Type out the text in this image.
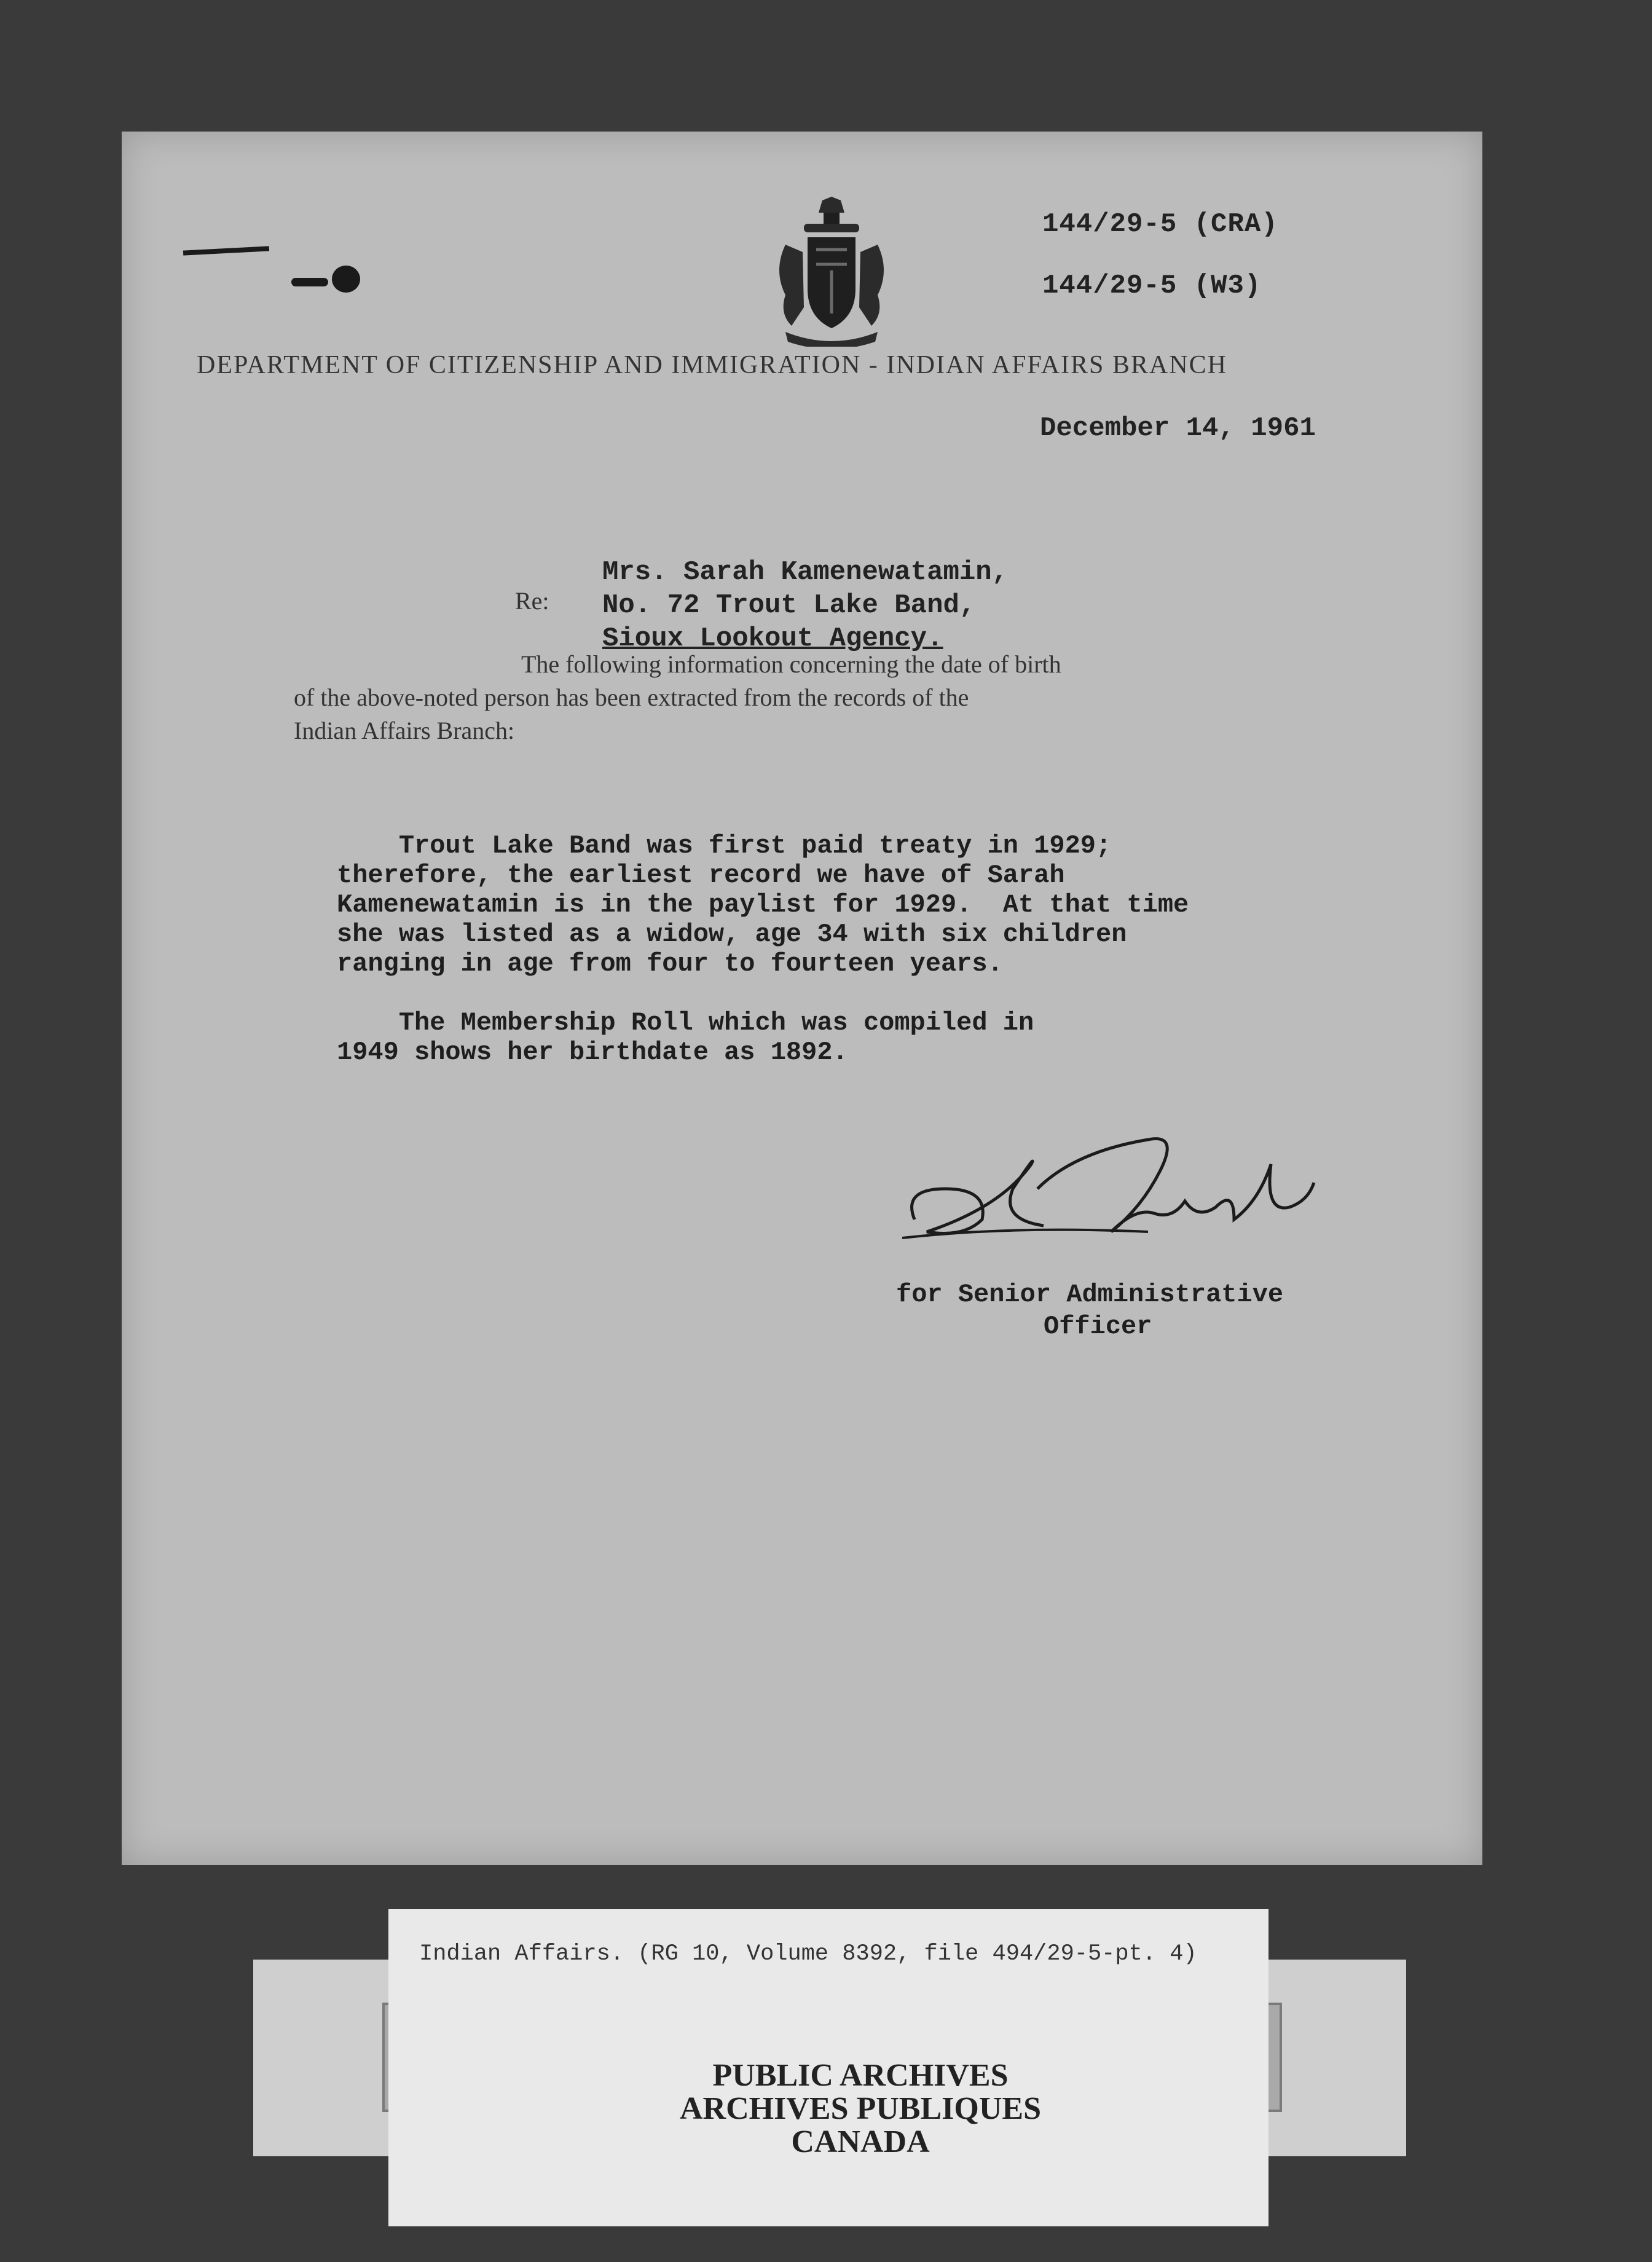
144/29-5 (CRA)
144/29-5 (W3)
DEPARTMENT OF CITIZENSHIP AND IMMIGRATION - INDIAN AFFAIRS BRANCH
December 14, 1961
Re:
Mrs. Sarah Kamenewatamin,
No. 72 Trout Lake Band,
Sioux Lookout Agency.
The following information concerning the date of birth
of the above-noted person has been extracted from the records of the
Indian Affairs Branch:
Trout Lake Band was first paid treaty in 1929;
therefore, the earliest record we have of Sarah
Kamenewatamin is in the paylist for 1929.  At that time
she was listed as a widow, age 34 with six children
ranging in age from four to fourteen years.
The Membership Roll which was compiled in
1949 shows her birthdate as 1892.
for Senior Administrative
Officer
Indian Affairs. (RG 10, Volume 8392, file 494/29-5-pt. 4)
PUBLIC ARCHIVES
ARCHIVES PUBLIQUES
CANADA
